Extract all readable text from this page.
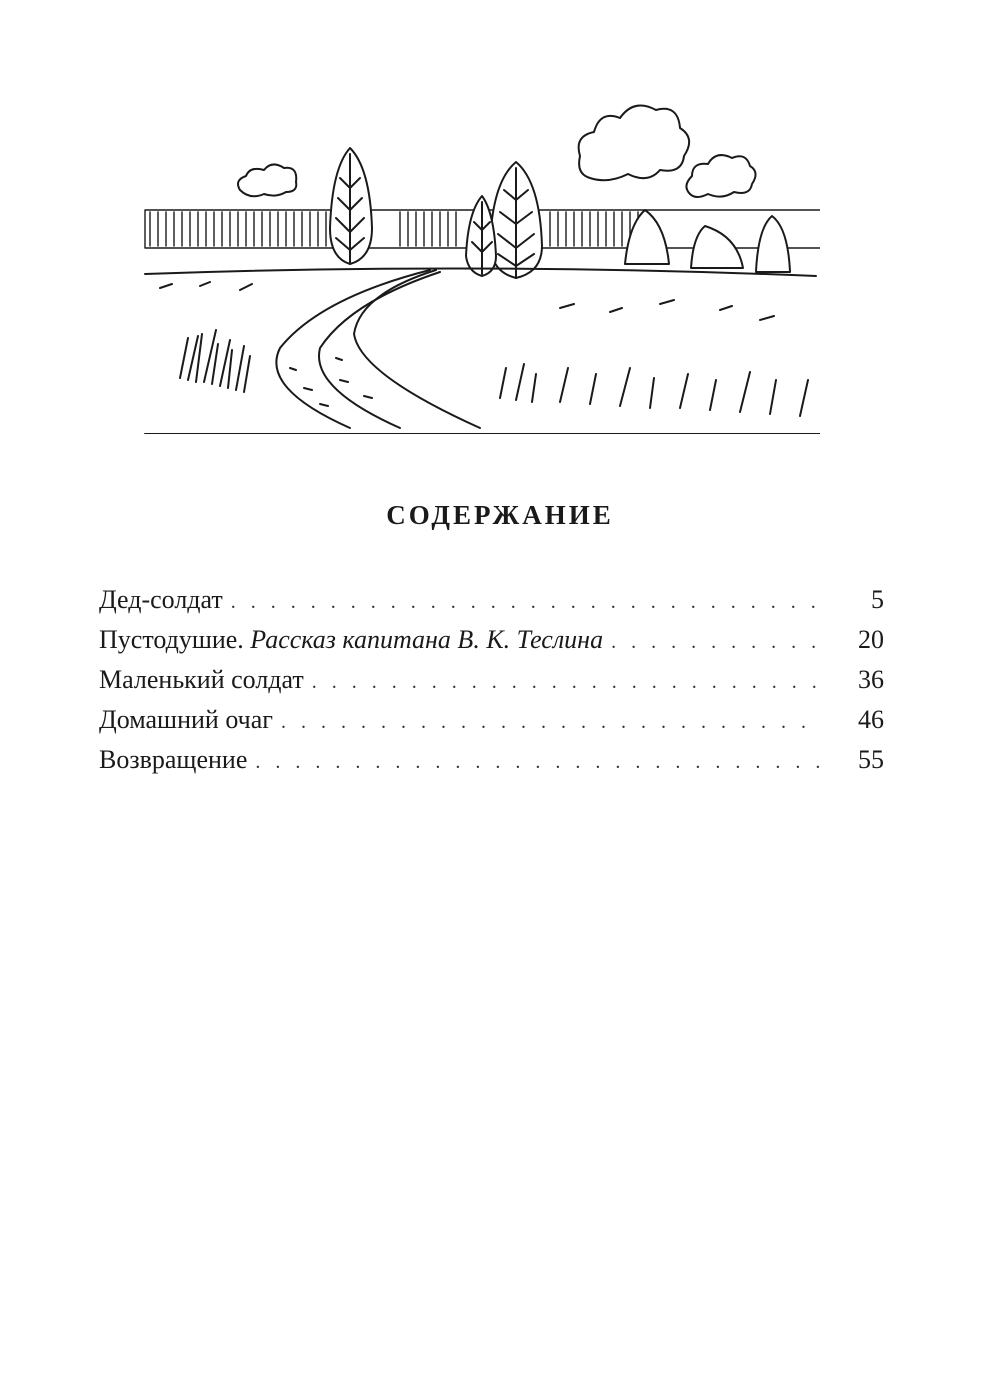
СОДЕРЖАНИЕ
Дед-солдат . . .	5
Пустодушие. Рассказ капитана В. К. Теслина . . .	20
Маленький солдат . . .	36
Домашний очаг . . .	46
Возвращение . . .	55
